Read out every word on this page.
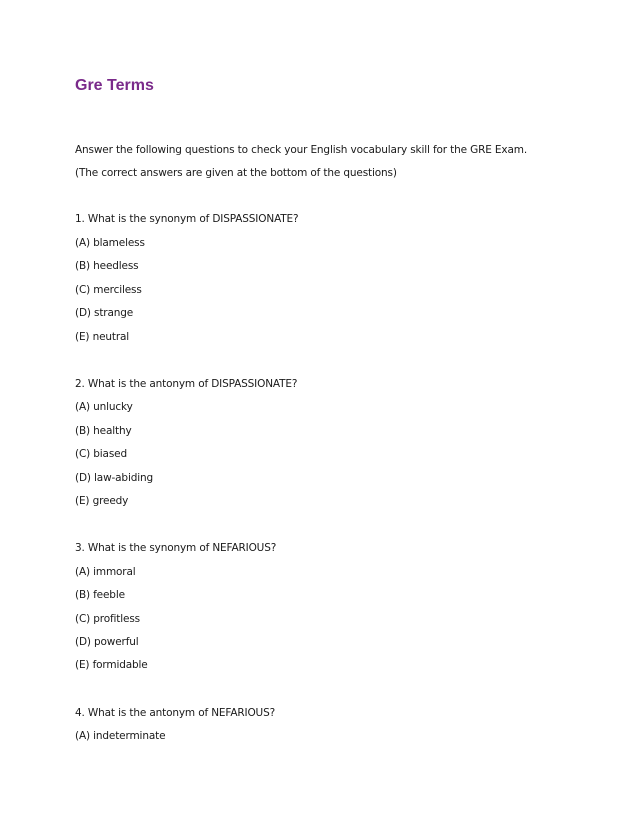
Gre Terms
Answer the following questions to check your English vocabulary skill for the GRE Exam.
(The correct answers are given at the bottom of the questions)
1. What is the synonym of DISPASSIONATE?
(A) blameless
(B) heedless
(C) merciless
(D) strange
(E) neutral
2. What is the antonym of DISPASSIONATE?
(A) unlucky
(B) healthy
(C) biased
(D) law-abiding
(E) greedy
3. What is the synonym of NEFARIOUS?
(A) immoral
(B) feeble
(C) profitless
(D) powerful
(E) formidable
4. What is the antonym of NEFARIOUS?
(A) indeterminate
